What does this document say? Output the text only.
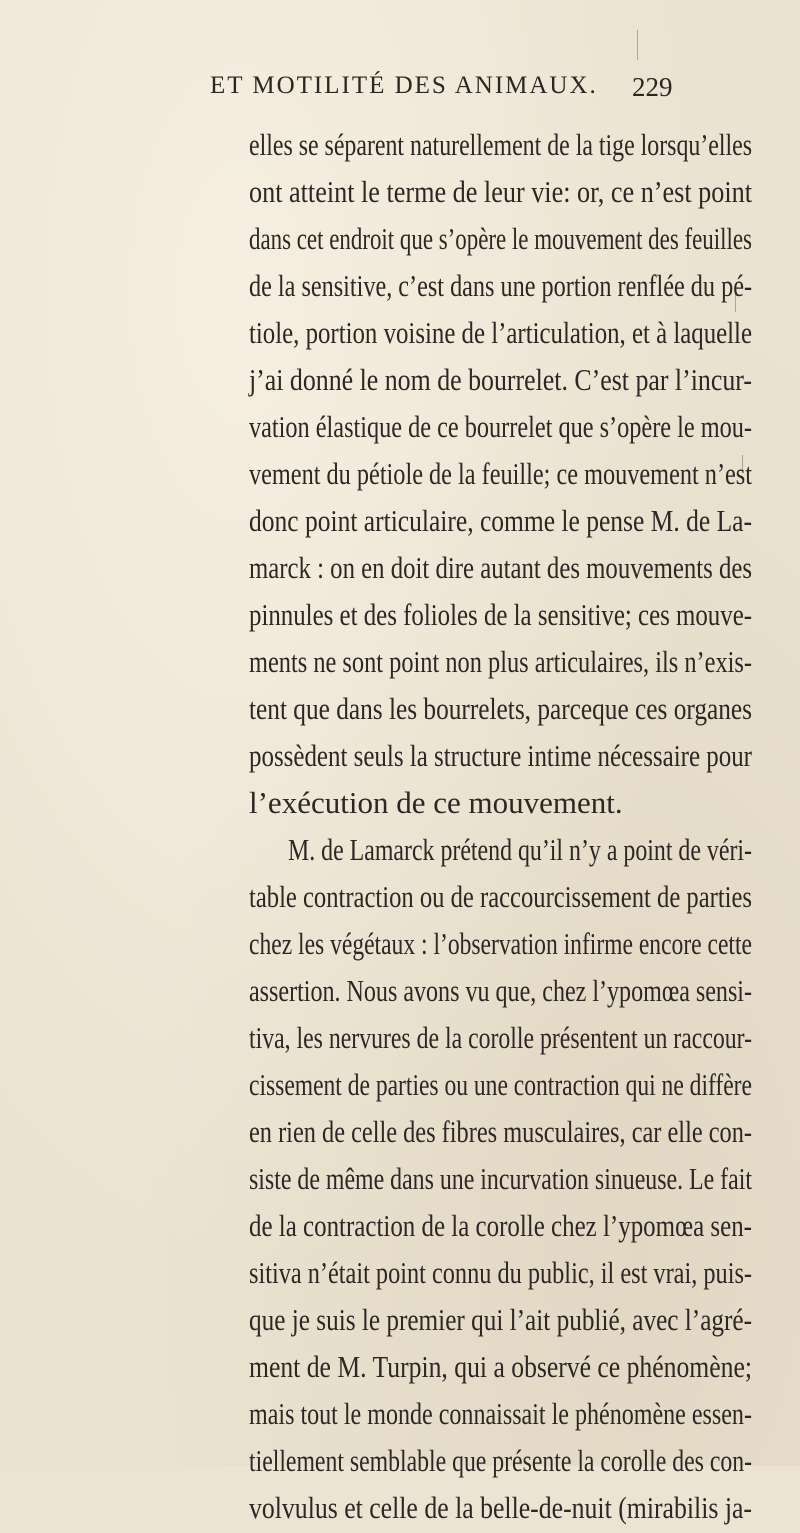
ET MOTILITÉ DES ANIMAUX. 229
elles se séparent naturellement de la tige lorsqu’elles
ont atteint le terme de leur vie: or, ce n’est point
dans cet endroit que s’opère le mouvement des feuilles
de la sensitive, c’est dans une portion renflée du pé-
tiole, portion voisine de l’articulation, et à laquelle
j’ai donné le nom de bourrelet. C’est par l’incur-
vation élastique de ce bourrelet que s’opère le mou-
vement du pétiole de la feuille; ce mouvement n’est
donc point articulaire, comme le pense M. de La-
marck : on en doit dire autant des mouvements des
pinnules et des folioles de la sensitive; ces mouve-
ments ne sont point non plus articulaires, ils n’exis-
tent que dans les bourrelets, parceque ces organes
possèdent seuls la structure intime nécessaire pour
l’exécution de ce mouvement.
M. de Lamarck prétend qu’il n’y a point de véri-
table contraction ou de raccourcissement de parties
chez les végétaux : l’observation infirme encore cette
assertion. Nous avons vu que, chez l’ypomœa sensi-
tiva, les nervures de la corolle présentent un raccour-
cissement de parties ou une contraction qui ne diffère
en rien de celle des fibres musculaires, car elle con-
siste de même dans une incurvation sinueuse. Le fait
de la contraction de la corolle chez l’ypomœa sen-
sitiva n’était point connu du public, il est vrai, puis-
que je suis le premier qui l’ait publié, avec l’agré-
ment de M. Turpin, qui a observé ce phénomène;
mais tout le monde connaissait le phénomène essen-
tiellement semblable que présente la corolle des con-
volvulus et celle de la belle-de-nuit (mirabilis ja-
